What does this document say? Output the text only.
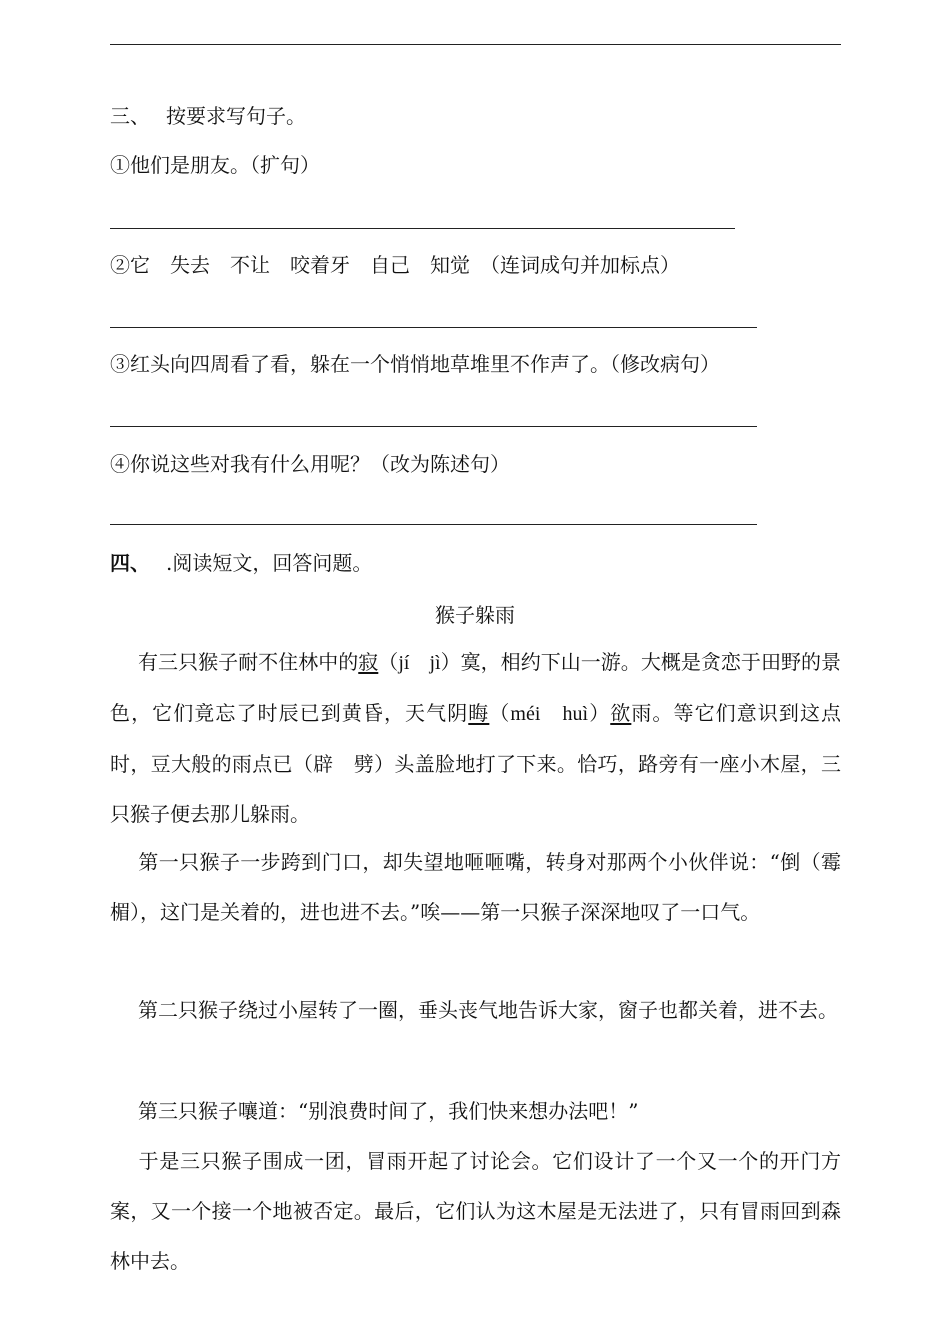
三、 按要求写句子。
①他们是朋友。（扩句）
②它　失去　不让　咬着牙　自己　知觉　（连词成句并加标点）
③红头向四周看了看，躲在一个悄悄地草堆里不作声了。（修改病句）
④你说这些对我有什么用呢？（改为陈述句）
四、 .阅读短文，回答问题。
猴子躲雨
有三只猴子耐不住林中的寂（jí　jì）寞，相约下山一游。大概是贪恋于田野的景色，它们竟忘了时辰已到黄昏，天气阴晦（méi　huì）欲雨。等它们意识到这点时，豆大般的雨点已（辟　劈）头盖脸地打了下来。恰巧，路旁有一座小木屋，三只猴子便去那儿躲雨。
第一只猴子一步跨到门口，却失望地咂咂嘴，转身对那两个小伙伴说：“倒（霉　楣），这门是关着的，进也进不去。”唉——第一只猴子深深地叹了一口气。
第二只猴子绕过小屋转了一圈，垂头丧气地告诉大家，窗子也都关着，进不去。
第三只猴子嚷道：“别浪费时间了，我们快来想办法吧！”
于是三只猴子围成一团，冒雨开起了讨论会。它们设计了一个又一个的开门方案，又一个接一个地被否定。最后，它们认为这木屋是无法进了，只有冒雨回到森林中去。
